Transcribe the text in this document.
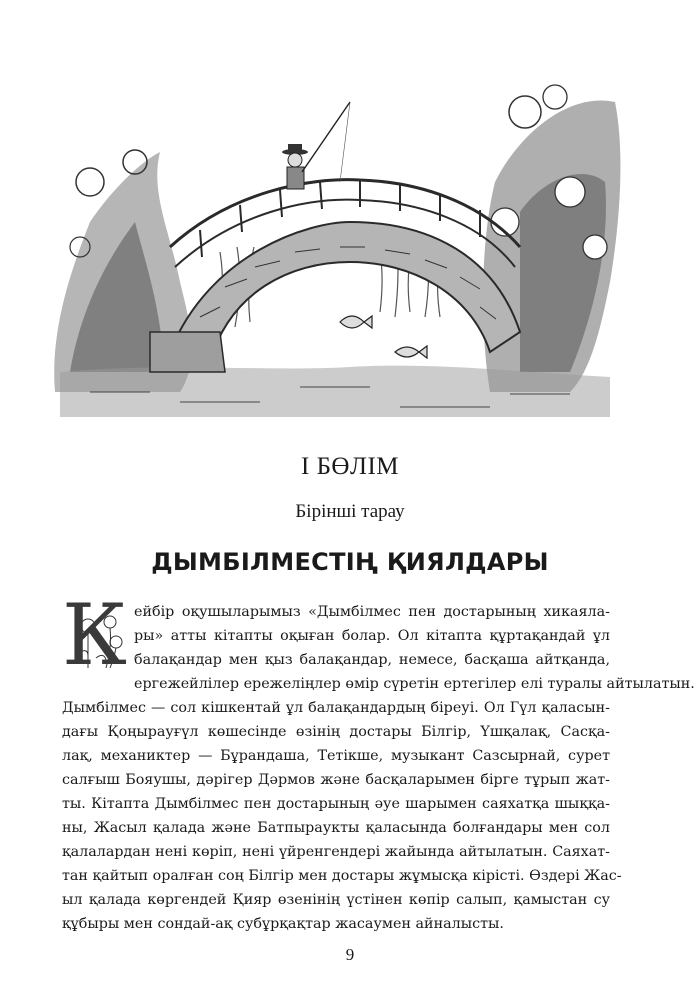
І БӨЛІМ
Бірінші тарау
ДЫМБІЛМЕСТІҢ ҚИЯЛДАРЫ
К ейбір оқушыларымыз «Дымбілмес пен достарының хикаяла-
ры» атты кітапты оқыған болар. Ол кітапта құртақандай ұл
балақандар мен қыз балақандар, немесе, басқаша айтқанда,
ергежейлілер ережеліңлер өмір сүретін ертегілер елі туралы айтылатын.
Дымбілмес — сол кішкентай ұл балақандардың біреуі. Ол Гүл қаласын-
дағы Қоңырауғүл көшесінде өзінің достары Білгір, Үшқалақ, Сасқа-
лақ, механиктер — Бұрандаша, Тетікше, музыкант Сазсырнай, сурет
салғыш Бояушы, дәрігер Дәрмов және басқаларымен бірге тұрып жат-
ты. Кітапта Дымбілмес пен достарының әуе шарымен саяхатқа шыққа-
ны, Жасыл қалада және Батпыраукты қаласында болғандары мен сол
қалалардан нені көріп, нені үйренгендері жайында айтылатын. Саяхат-
тан қайтып оралған соң Білгір мен достары жұмысқа кірісті. Өздері Жас-
ыл қалада көргендей Қияр өзенінің үстінен көпір салып, қамыстан су
құбыры мен сондай-ақ субұрқақтар жасаумен айналысты.
9
